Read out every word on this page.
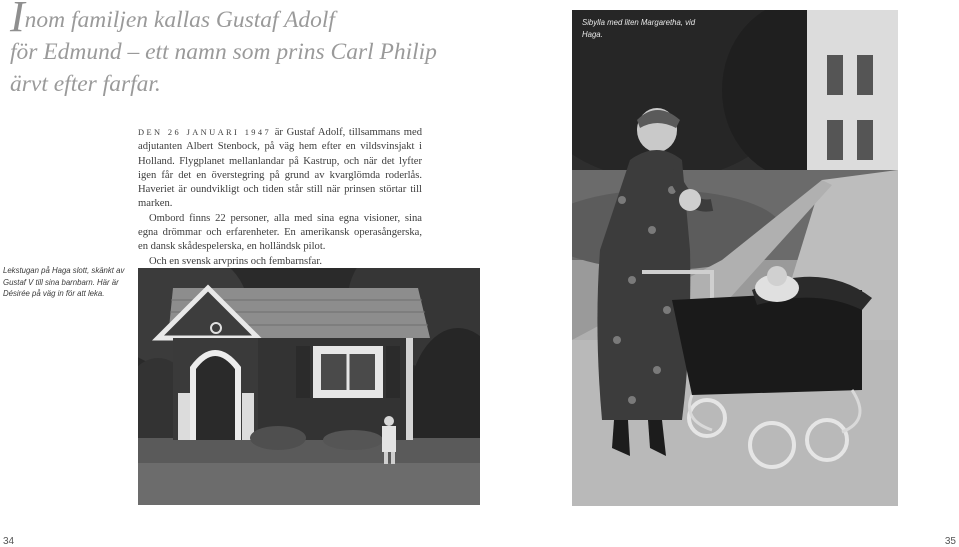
Inom familjen kallas Gustaf Adolf
för Edmund – ett namn som prins Carl Philip
ärvt efter farfar.

DEN 26 JANUARI 1947 är Gustaf Adolf, tillsammans med adjutanten Albert Stenbock, på väg hem efter en vildsvinsjakt i Holland. Flygplanet mellanlandar på Kastrup, och när det lyfter igen får det en överstegring på grund av kvarglömda roderlås. Haveriet är oundvikligt och tiden står still när prinsen störtar till marken.

Ombord finns 22 personer, alla med sina egna visioner, sina egna drömmar och erfarenheter. En amerikansk operasångerska, en dansk skådespelerska, en holländsk pilot.

Och en svensk arvprins och fembarnsfar.

Lekstugan på Haga slott, skänkt av Gustaf V till sina barnbarn. Här är Désirée på väg in för att leka.

Sibylla med liten Margaretha, vid Haga.

34	35
